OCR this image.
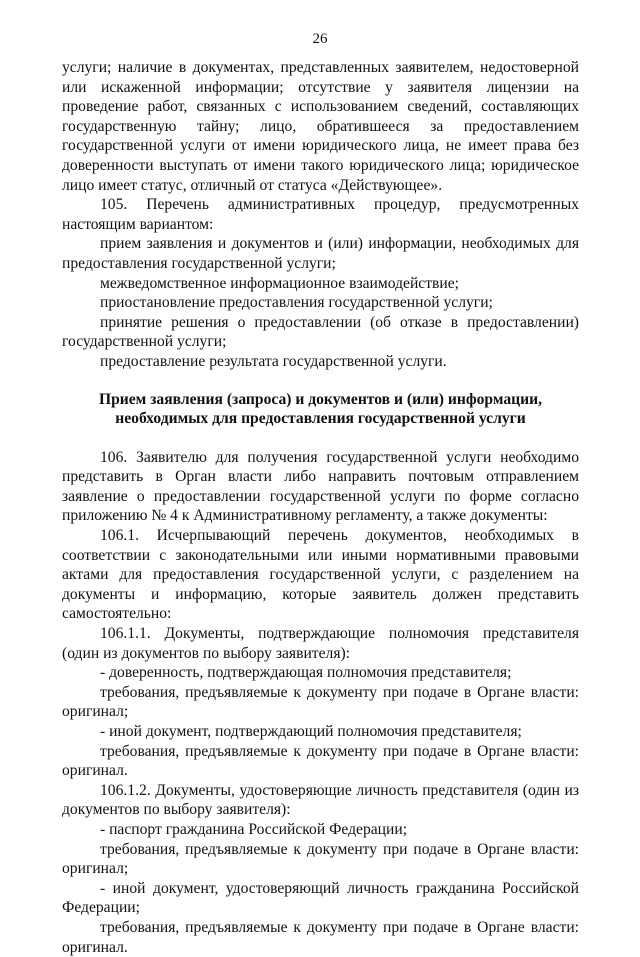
26

услуги; наличие в документах, представленных заявителем, недостоверной или искаженной информации; отсутствие у заявителя лицензии на проведение работ, связанных с использованием сведений, составляющих государственную тайну; лицо, обратившееся за предоставлением государственной услуги от имени юридического лица, не имеет права без доверенности выступать от имени такого юридического лица; юридическое лицо имеет статус, отличный от статуса «Действующее».

105. Перечень административных процедур, предусмотренных настоящим вариантом:

прием заявления и документов и (или) информации, необходимых для предоставления государственной услуги;

межведомственное информационное взаимодействие;

приостановление предоставления государственной услуги;

принятие решения о предоставлении (об отказе в предоставлении) государственной услуги;

предоставление результата государственной услуги.

Прием заявления (запроса) и документов и (или) информации,
необходимых для предоставления государственной услуги

106. Заявителю для получения государственной услуги необходимо представить в Орган власти либо направить почтовым отправлением заявление о предоставлении государственной услуги по форме согласно приложению № 4 к Административному регламенту, а также документы:

106.1. Исчерпывающий перечень документов, необходимых в соответствии с законодательными или иными нормативными правовыми актами для предоставления государственной услуги, с разделением на документы и информацию, которые заявитель должен представить самостоятельно:

106.1.1. Документы, подтверждающие полномочия представителя (один из документов по выбору заявителя):

- доверенность, подтверждающая полномочия представителя;

требования, предъявляемые к документу при подаче в Органе власти: оригинал;

- иной документ, подтверждающий полномочия представителя;

требования, предъявляемые к документу при подаче в Органе власти: оригинал.

106.1.2. Документы, удостоверяющие личность представителя (один из документов по выбору заявителя):

- паспорт гражданина Российской Федерации;

требования, предъявляемые к документу при подаче в Органе власти: оригинал;

- иной документ, удостоверяющий личность гражданина Российской Федерации;

требования, предъявляемые к документу при подаче в Органе власти: оригинал.
